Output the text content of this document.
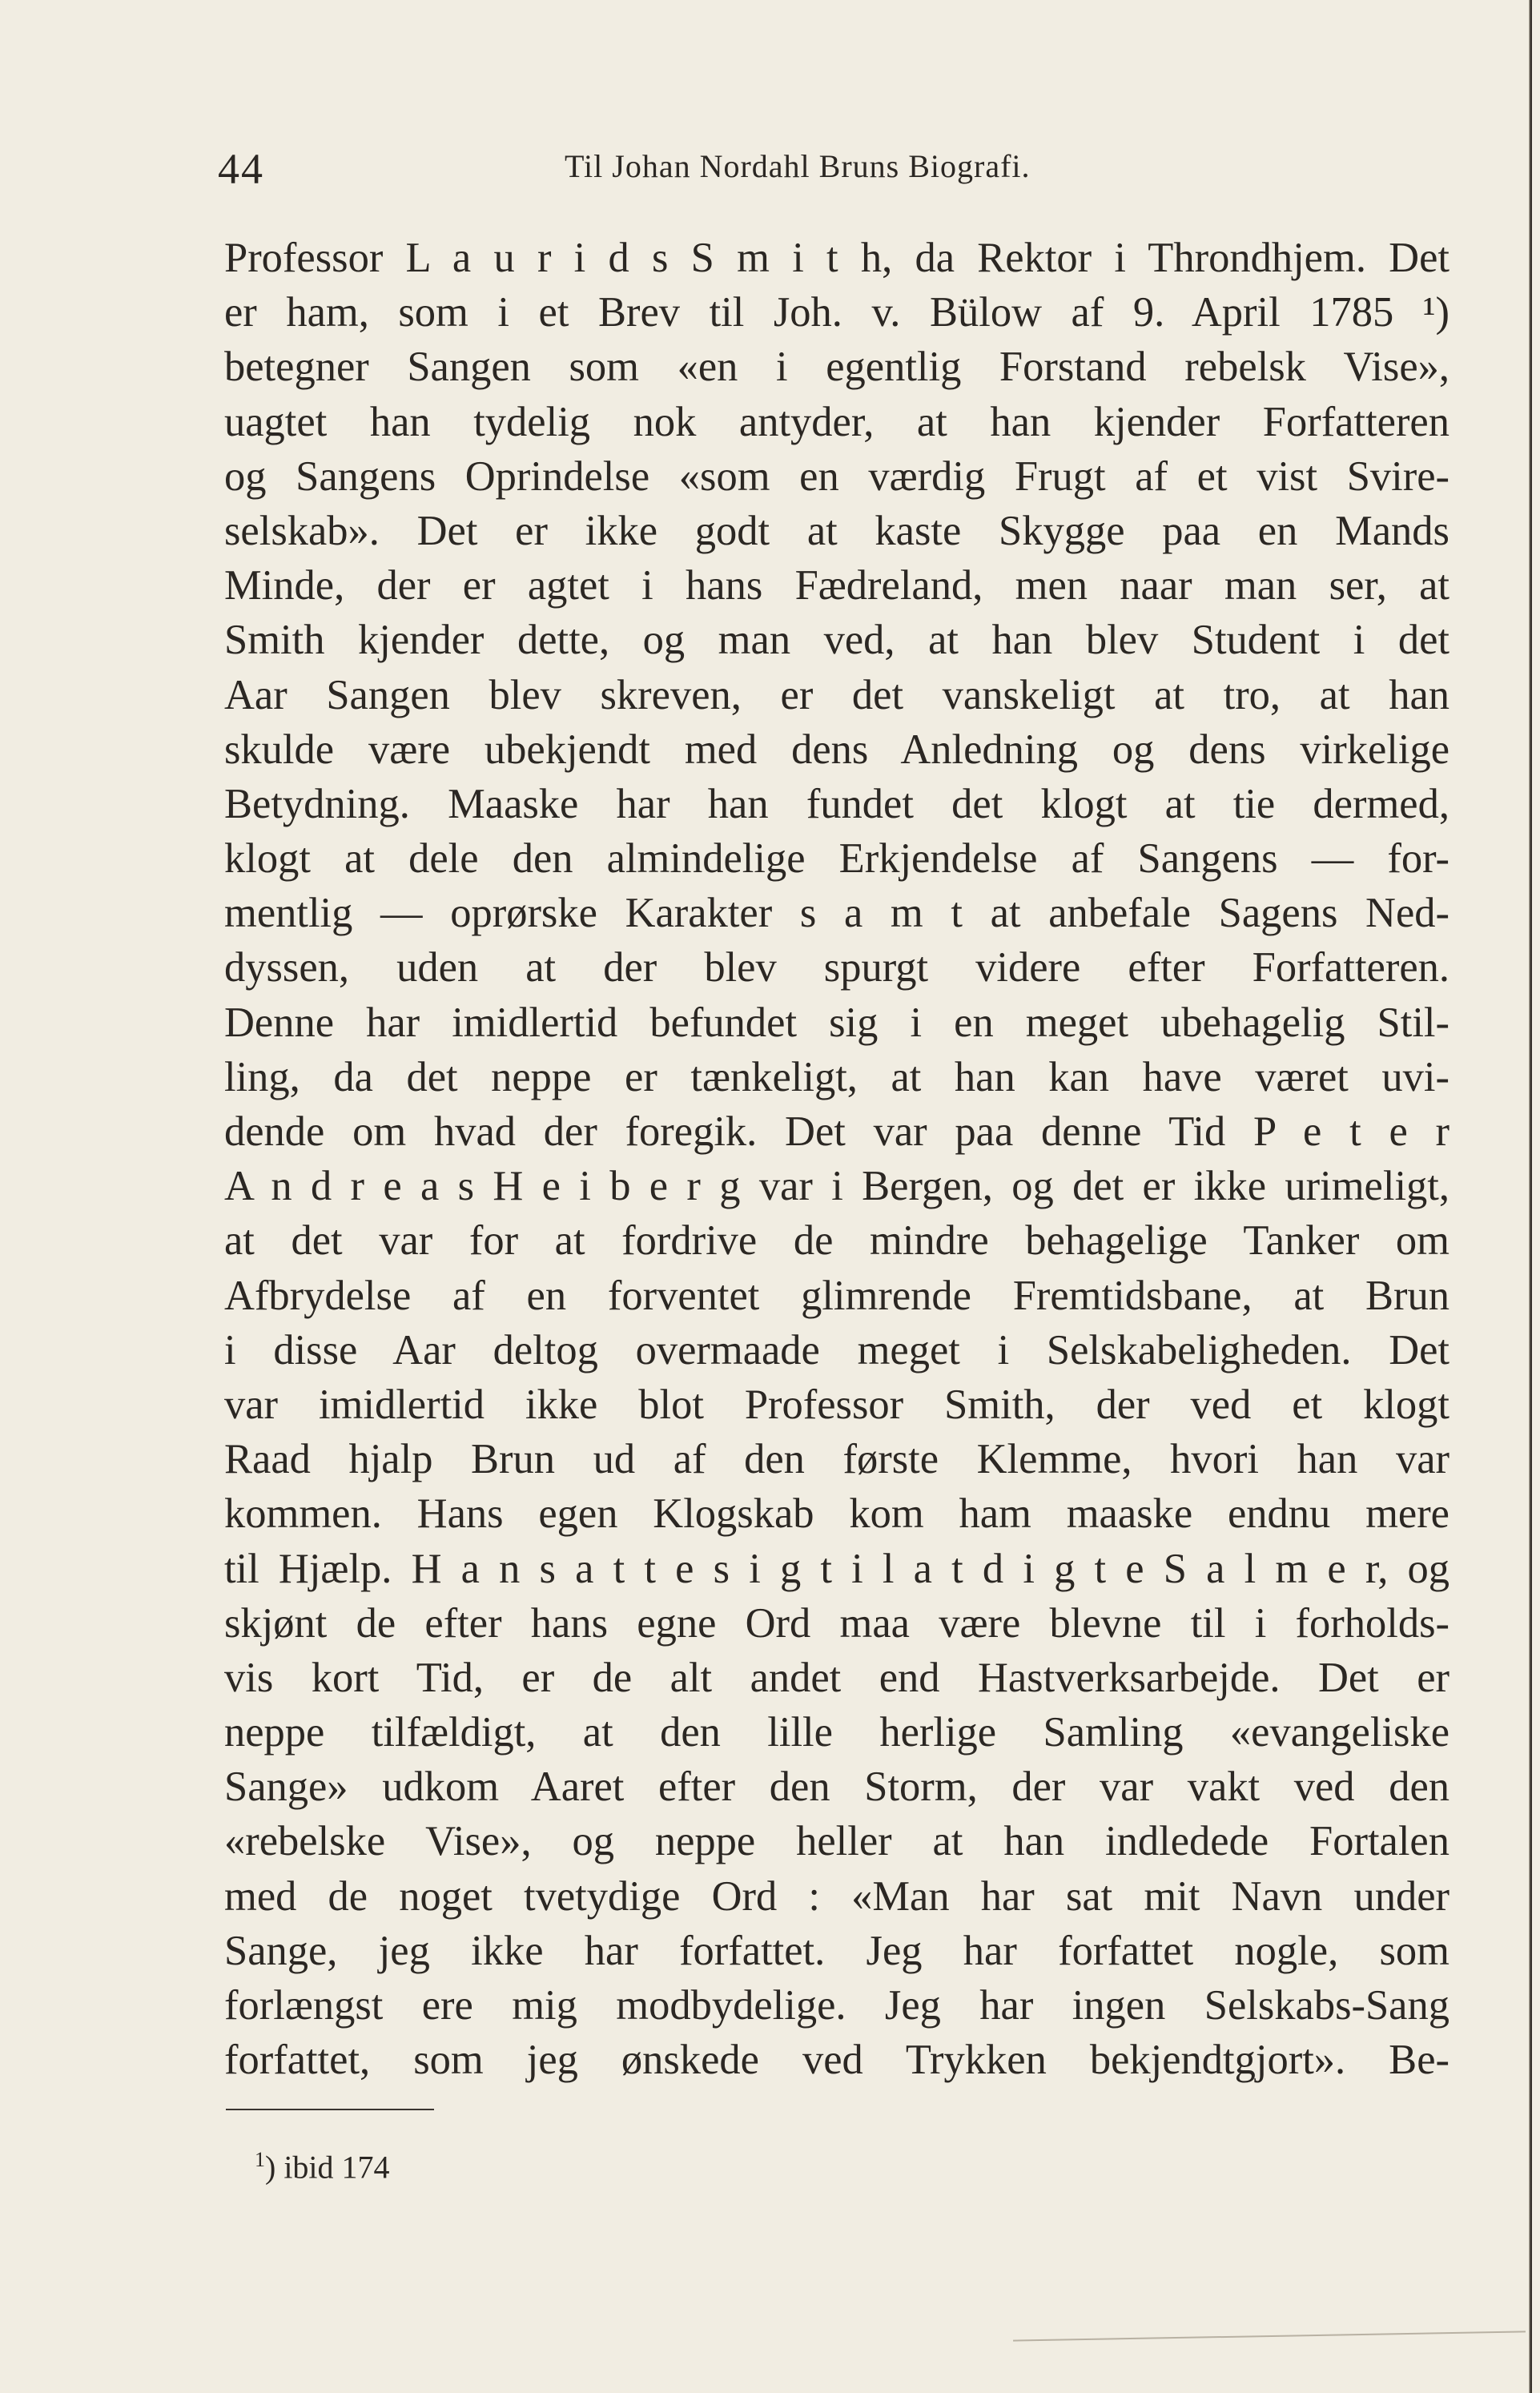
44	Til Johan Nordahl Bruns Biografi.
Professor L a u r i d s S m i t h, da Rektor i Throndhjem. Det
er ham, som i et Brev til Joh. v. Bülow af 9. April 1785 ¹)
betegner Sangen som «en i egentlig Forstand rebelsk Vise»,
uagtet han tydelig nok antyder, at han kjender Forfatteren
og Sangens Oprindelse «som en værdig Frugt af et vist Svire-
selskab». Det er ikke godt at kaste Skygge paa en Mands
Minde, der er agtet i hans Fædreland, men naar man ser, at
Smith kjender dette, og man ved, at han blev Student i det
Aar Sangen blev skreven, er det vanskeligt at tro, at han
skulde være ubekjendt med dens Anledning og dens virkelige
Betydning. Maaske har han fundet det klogt at tie dermed,
klogt at dele den almindelige Erkjendelse af Sangens — for-
mentlig — oprørske Karakter s a m t at anbefale Sagens Ned-
dyssen, uden at der blev spurgt videre efter Forfatteren.
Denne har imidlertid befundet sig i en meget ubehagelig Stil-
ling, da det neppe er tænkeligt, at han kan have været uvi-
dende om hvad der foregik. Det var paa denne Tid P e t e r
A n d r e a s H e i b e r g var i Bergen, og det er ikke urimeligt,
at det var for at fordrive de mindre behagelige Tanker om
Afbrydelse af en forventet glimrende Fremtidsbane, at Brun
i disse Aar deltog overmaade meget i Selskabeligheden. Det
var imidlertid ikke blot Professor Smith, der ved et klogt
Raad hjalp Brun ud af den første Klemme, hvori han var
kommen. Hans egen Klogskab kom ham maaske endnu mere
til Hjælp. H a n s a t t e s i g t i l a t d i g t e S a l m e r, og
skjønt de efter hans egne Ord maa være blevne til i forholds-
vis kort Tid, er de alt andet end Hastverksarbejde. Det er
neppe tilfældigt, at den lille herlige Samling «evangeliske
Sange» udkom Aaret efter den Storm, der var vakt ved den
«rebelske Vise», og neppe heller at han indledede Fortalen
med de noget tvetydige Ord : «Man har sat mit Navn under
Sange, jeg ikke har forfattet. Jeg har forfattet nogle, som
forlængst ere mig modbydelige. Jeg har ingen Selskabs-Sang
forfattet, som jeg ønskede ved Trykken bekjendtgjort». Be-
$^1$) ibid 174
